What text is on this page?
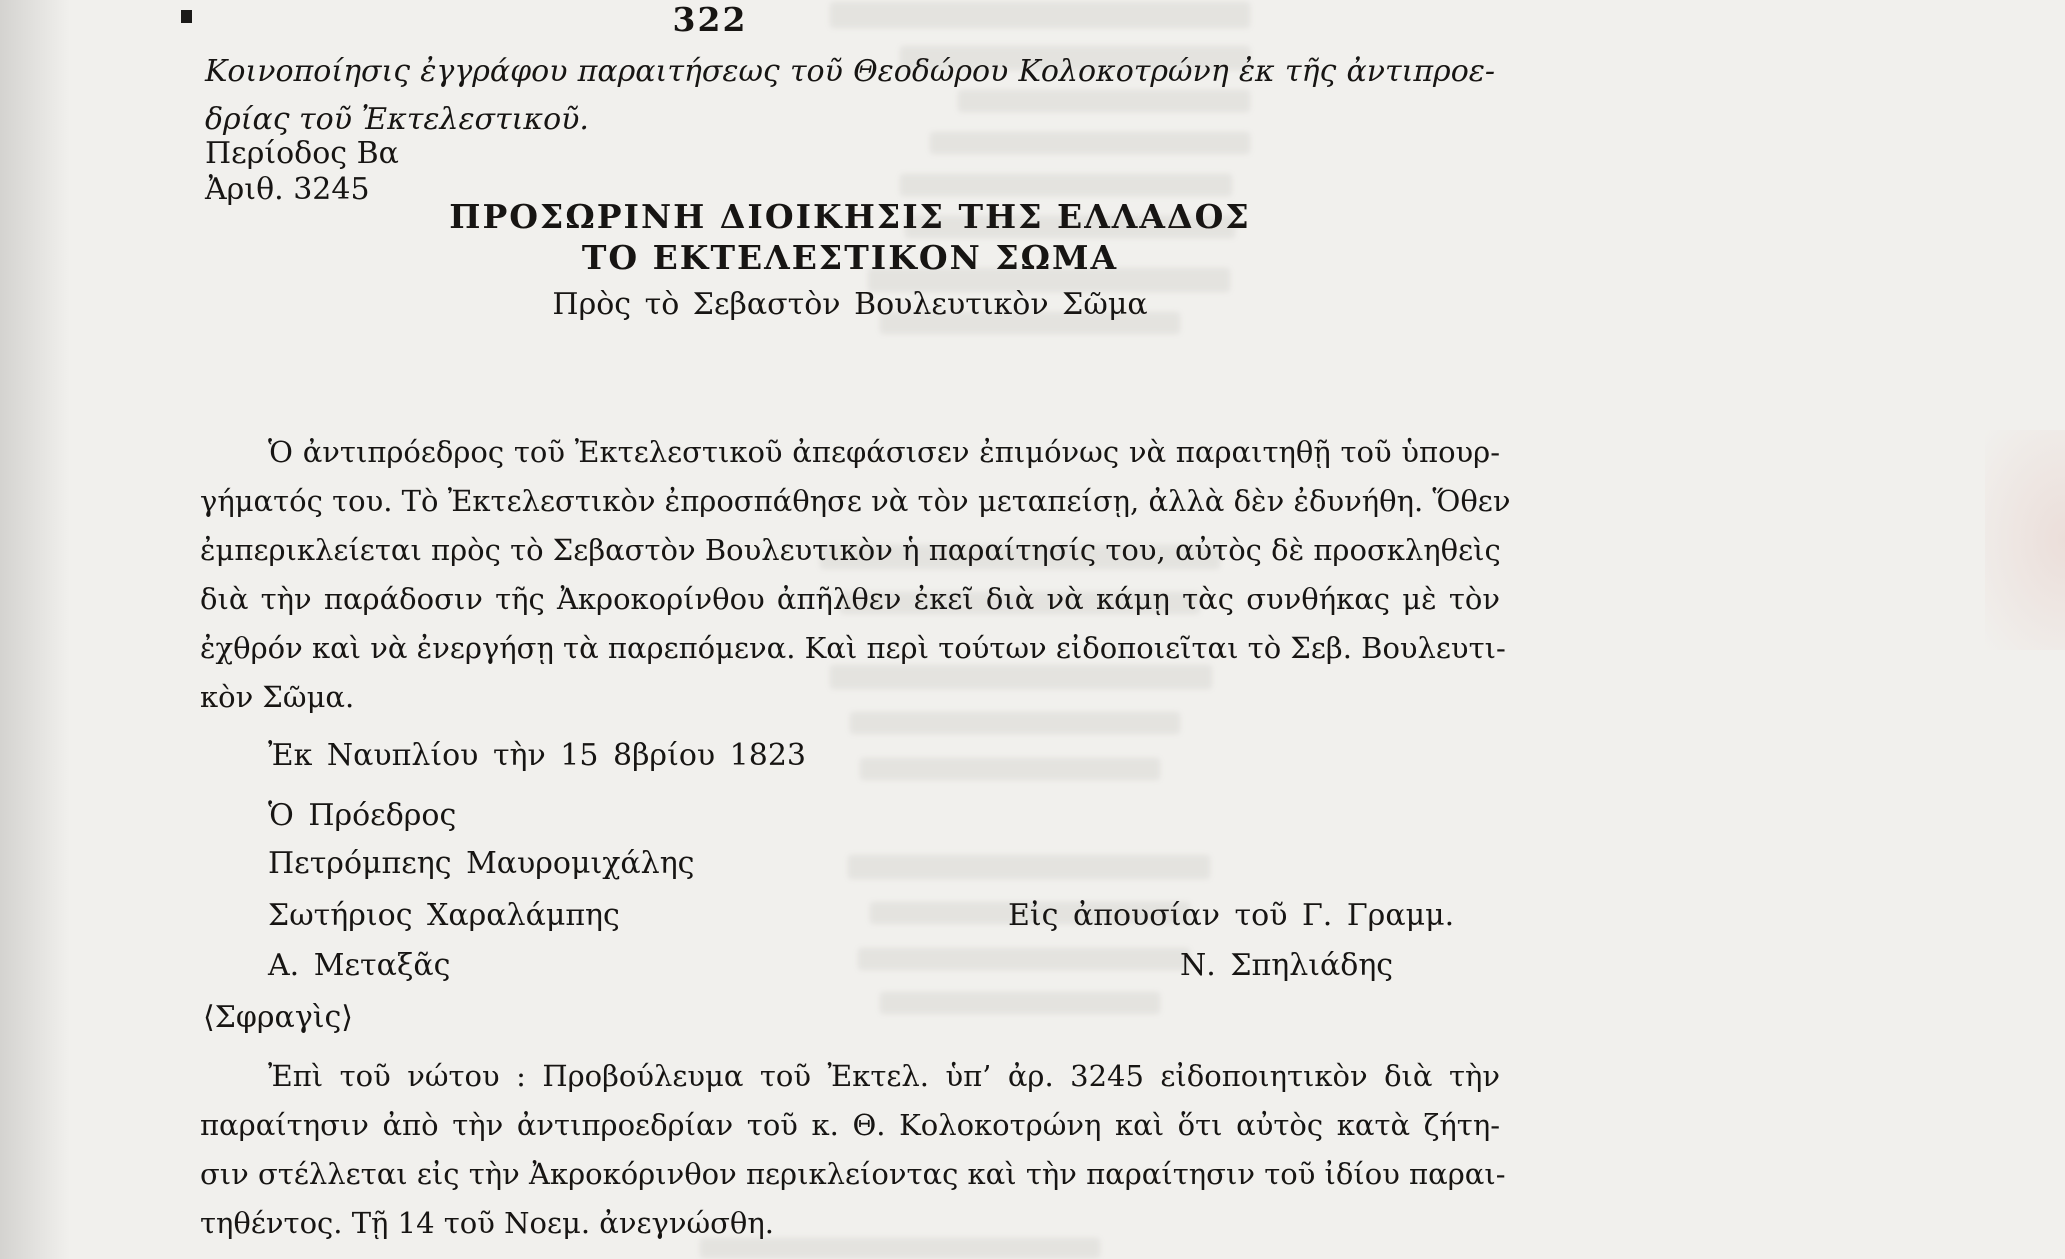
322
Κοινοποίησις ἐγγράφου παραιτήσεως τοῦ Θεοδώρου Κολοκοτρώνη ἐκ τῆς ἀντιπροε-
δρίας τοῦ Ἐκτελεστικοῦ.
Περίοδος Βα
Ἀριθ. 3245
ΠΡΟΣΩΡΙΝΗ ΔΙΟΙΚΗΣΙΣ ΤΗΣ ΕΛΛΑΔΟΣ
ΤΟ ΕΚΤΕΛΕΣΤΙΚΟΝ ΣΩΜΑ
Πρὸς τὸ Σεβαστὸν Βουλευτικὸν Σῶμα
Ὁ ἀντιπρόεδρος τοῦ Ἐκτελεστικοῦ ἀπεφάσισεν ἐπιμόνως νὰ παραιτηθῇ τοῦ ὑπουρ-
γήματός του. Τὸ Ἐκτελεστικὸν ἐπροσπάθησε νὰ τὸν μεταπείσῃ, ἀλλὰ δὲν ἐδυνήθη. Ὅθεν
ἐμπερικλείεται πρὸς τὸ Σεβαστὸν Βουλευτικὸν ἡ παραίτησίς του, αὐτὸς δὲ προσκληθεὶς
διὰ τὴν παράδοσιν τῆς Ἀκροκορίνθου ἀπῆλθεν ἐκεῖ διὰ νὰ κάμῃ τὰς συνθήκας μὲ τὸν
ἐχθρόν καὶ νὰ ἐνεργήσῃ τὰ παρεπόμενα. Καὶ περὶ τούτων εἰδοποιεῖται τὸ Σεβ. Βουλευτι-
κὸν Σῶμα.
Ἐκ Ναυπλίου τὴν 15 8βρίου 1823
Ὁ Πρόεδρος
Πετρόμπεης Μαυρομιχάλης
Σωτήριος Χαραλάμπης	Εἰς ἀπουσίαν τοῦ Γ. Γραμμ.
Α. Μεταξᾶς	Ν. Σπηλιάδης
⟨Σφραγὶς⟩
Ἐπὶ τοῦ νώτου : Προβούλευμα τοῦ Ἐκτελ. ὑπ’ ἀρ. 3245 εἰδοποιητικὸν διὰ τὴν
παραίτησιν ἀπὸ τὴν ἀντιπροεδρίαν τοῦ κ. Θ. Κολοκοτρώνη καὶ ὅτι αὐτὸς κατὰ ζήτη-
σιν στέλλεται εἰς τὴν Ἀκροκόρινθον περικλείοντας καὶ τὴν παραίτησιν τοῦ ἰδίου παραι-
τηθέντος. Τῇ 14 τοῦ Νοεμ. ἀνεγνώσθη.
